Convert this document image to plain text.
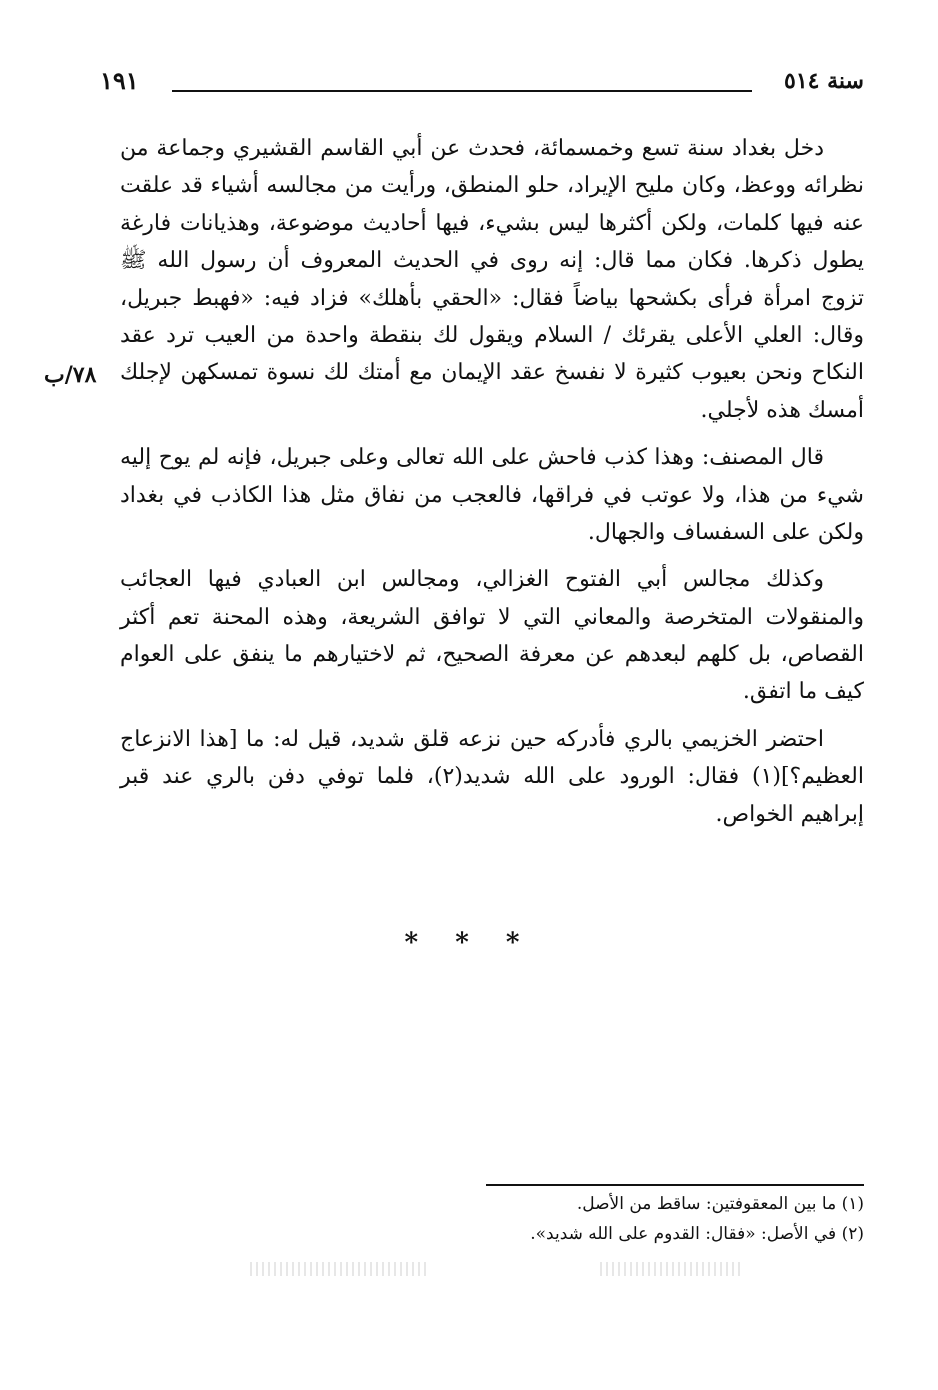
سنة ٥١٤
١٩١
٧٨/ب

دخل بغداد سنة تسع وخمسمائة، فحدث عن أبي القاسم القشيري وجماعة من نظرائه ووعظ، وكان مليح الإيراد، حلو المنطق، ورأيت من مجالسه أشياء قد علقت عنه فيها كلمات، ولكن أكثرها ليس بشيء، فيها أحاديث موضوعة، وهذيانات فارغة يطول ذكرها. فكان مما قال: إنه روى في الحديث المعروف أن رسول الله ﷺ تزوج امرأة فرأى بكشحها بياضاً فقال: «الحقي بأهلك» فزاد فيه: «فهبط جبريل، وقال: العلي الأعلى يقرئك / السلام ويقول لك بنقطة واحدة من العيب ترد عقد النكاح ونحن بعيوب كثيرة لا نفسخ عقد الإيمان مع أمتك لك نسوة تمسكهن لإجلك أمسك هذه لأجلي.

قال المصنف: وهذا كذب فاحش على الله تعالى وعلى جبريل، فإنه لم يوح إليه شيء من هذا، ولا عوتب في فراقها، فالعجب من نفاق مثل هذا الكاذب في بغداد ولكن على السفساف والجهال.

وكذلك مجالس أبي الفتوح الغزالي، ومجالس ابن العبادي فيها العجائب والمنقولات المتخرصة والمعاني التي لا توافق الشريعة، وهذه المحنة تعم أكثر القصاص، بل كلهم لبعدهم عن معرفة الصحيح، ثم لاختيارهم ما ينفق على العوام كيف ما اتفق.

احتضر الخزيمي بالري فأدركه حين نزعه قلق شديد، قيل له: ما [هذا الانزعاج العظيم؟](١) فقال: الورود على الله شديد(٢)، فلما توفي دفن بالري عند قبر إبراهيم الخواص.

* * *

(١) ما بين المعقوفتين: ساقط من الأصل.

(٢) في الأصل: «فقال: القدوم على الله شديد».
